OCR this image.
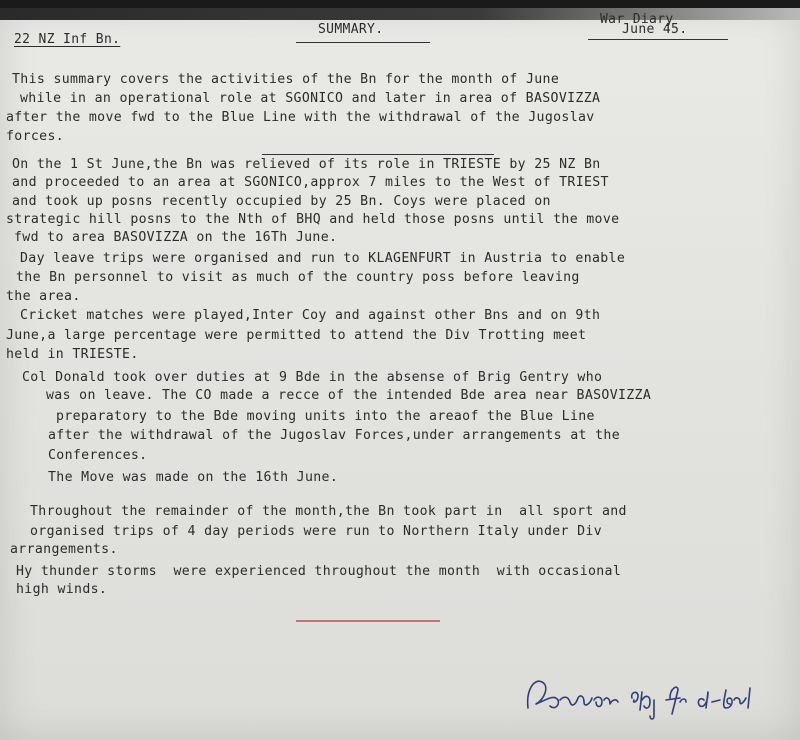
22 NZ Inf Bn.
SUMMARY.
War Diary
June 45.
This summary covers the activities of the Bn for the month of June
while in an operational role at SGONICO and later in area of BASOVIZZA
after the move fwd to the Blue Line with the withdrawal of the Jugoslav
forces.
On the 1 St June,the Bn was relieved of its role in TRIESTE by 25 NZ Bn
and proceeded to an area at SGONICO,approx 7 miles to the West of TRIEST
and took up posns recently occupied by 25 Bn. Coys were placed on
strategic hill posns to the Nth of BHQ and held those posns until the move
fwd to area BASOVIZZA on the 16Th June.
Day leave trips were organised and run to KLAGENFURT in Austria to enable
the Bn personnel to visit as much of the country poss before leaving
the area.
Cricket matches were played,Inter Coy and against other Bns and on 9th
June,a large percentage were permitted to attend the Div Trotting meet
held in TRIESTE.
Col Donald took over duties at 9 Bde in the absense of Brig Gentry who
was on leave. The CO made a recce of the intended Bde area near BASOVIZZA
preparatory to the Bde moving units into the areaof the Blue Line
after the withdrawal of the Jugoslav Forces,under arrangements at the
Conferences.
The Move was made on the 16th June.
Throughout the remainder of the month,the Bn took part in  all sport and
organised trips of 4 day periods were run to Northern Italy under Div
arrangements.
Hy thunder storms  were experienced throughout the month  with occasional
high winds.
